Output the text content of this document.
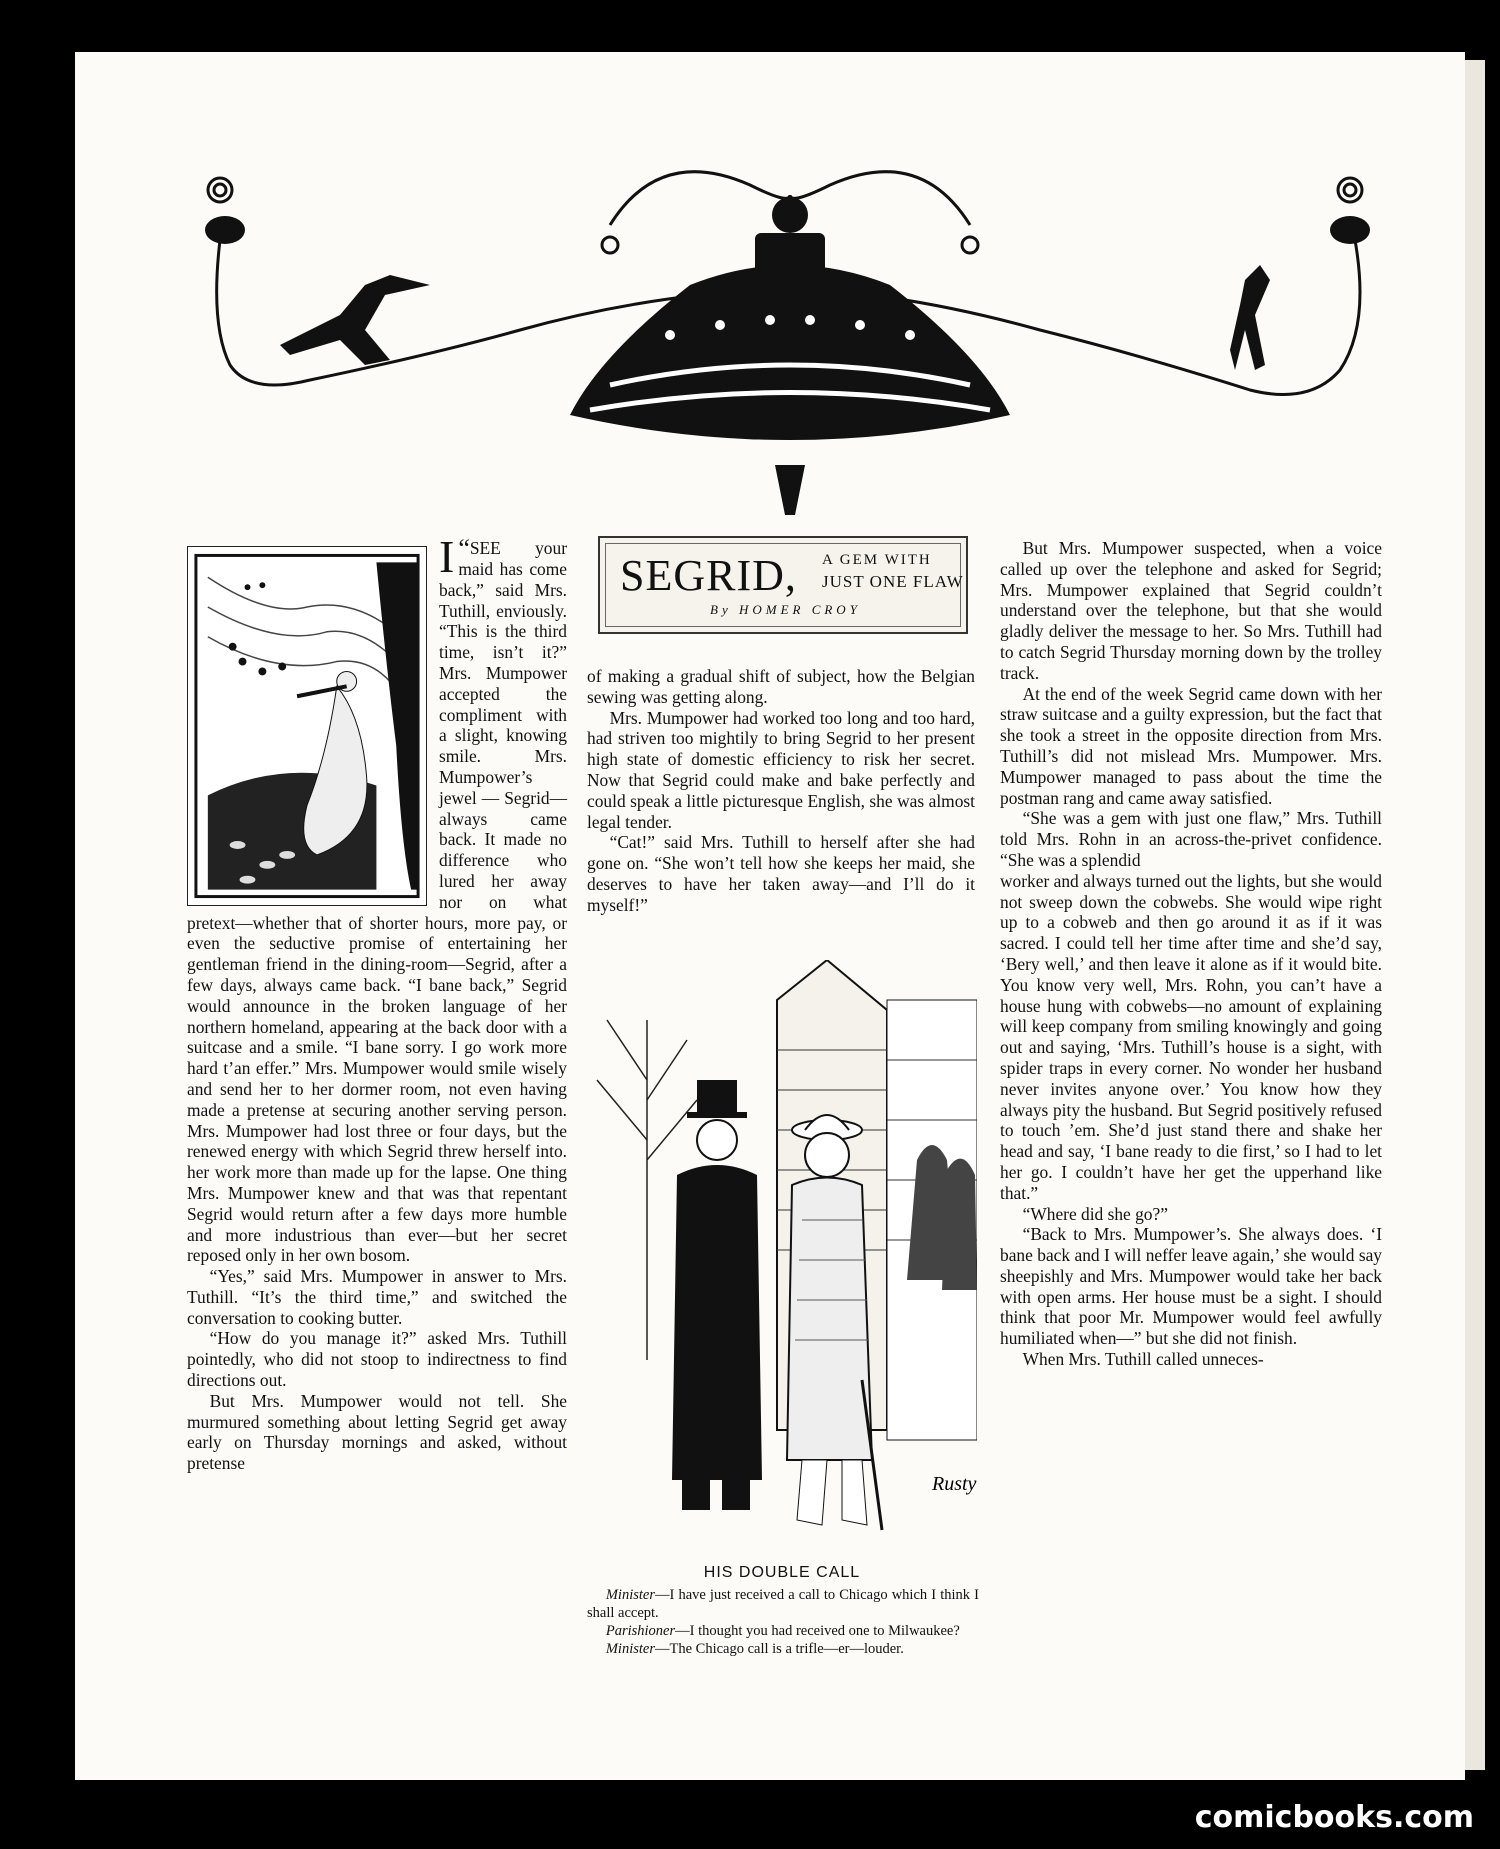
“
I SEE your maid has come back,” said Mrs. Tuthill, enviously. “This is the third time, isn’t it?” Mrs. Mumpower accepted the compliment with a slight, knowing smile. Mrs. Mumpower’s jewel — Segrid—always came back. It made no difference who lured her away nor on what pretext—whether that of shorter hours, more pay, or even the seductive promise of entertaining her gentleman friend in the dining-room—Segrid, after a few days, always came back. “I bane back,” Segrid would announce in the broken language of her northern homeland, appearing at the back door with a suitcase and a smile. “I bane sorry. I go work more hard t’an effer.” Mrs. Mumpower would smile wisely and send her to her dormer room, not even having made a pretense at securing another serving person. Mrs. Mumpower had lost three or four days, but the renewed energy with which Segrid threw herself into. her work more than made up for the lapse. One thing Mrs. Mumpower knew and that was that repentant Segrid would return after a few days more humble and more industrious than ever—but her secret reposed only in her own bosom.

“Yes,” said Mrs. Mumpower in answer to Mrs. Tuthill. “It’s the third time,” and switched the conversation to cooking butter.

“How do you manage it?” asked Mrs. Tuthill pointedly, who did not stoop to indirectness to find directions out.

But Mrs. Mumpower would not tell. She murmured something about letting Segrid get away early on Thursday mornings and asked, without pretense

SEGRID, A GEM WITH
JUST ONE FLAW
By HOMER CROY

of making a gradual shift of subject, how the Belgian sewing was getting along.

Mrs. Mumpower had worked too long and too hard, had striven too mightily to bring Segrid to her present high state of domestic efficiency to risk her secret. Now that Segrid could make and bake perfectly and could speak a little picturesque English, she was almost legal tender.

“Cat!” said Mrs. Tuthill to herself after she had gone on. “She won’t tell how she keeps her maid, she deserves to have her taken away—and I’ll do it myself!”

Rusty
HIS DOUBLE CALL

Minister—I have just received a call to Chicago which I think I shall accept.

Parishioner—I thought you had received one to Milwaukee?

Minister—The Chicago call is a trifle—er—louder.

But Mrs. Mumpower suspected, when a voice called up over the telephone and asked for Segrid; Mrs. Mumpower explained that Segrid couldn’t understand over the telephone, but that she would gladly deliver the message to her. So Mrs. Tuthill had to catch Segrid Thursday morning down by the trolley track.

At the end of the week Segrid came down with her straw suitcase and a guilty expression, but the fact that she took a street in the opposite direction from Mrs. Tuthill’s did not mislead Mrs. Mumpower. Mrs. Mumpower managed to pass about the time the postman rang and came away satisfied.

“She was a gem with just one flaw,” Mrs. Tuthill told Mrs. Rohn in an across-the-privet confidence. “She was a splendid

worker and always turned out the lights, but she would not sweep down the cobwebs. She would wipe right up to a cobweb and then go around it as if it was sacred. I could tell her time after time and she’d say, ‘Bery well,’ and then leave it alone as if it would bite. You know very well, Mrs. Rohn, you can’t have a house hung with cobwebs—no amount of explaining will keep company from smiling knowingly and going out and saying, ‘Mrs. Tuthill’s house is a sight, with spider traps in every corner. No wonder her husband never invites anyone over.’ You know how they always pity the husband. But Segrid positively refused to touch ’em. She’d just stand there and shake her head and say, ‘I bane ready to die first,’ so I had to let her go. I couldn’t have her get the upperhand like that.”

“Where did she go?”

“Back to Mrs. Mumpower’s. She always does. ‘I bane back and I will neffer leave again,’ she would say sheepishly and Mrs. Mumpower would take her back with open arms. Her house must be a sight. I should think that poor Mr. Mumpower would feel awfully humiliated when—” but she did not finish.

When Mrs. Tuthill called unneces-

comicbooks.com
